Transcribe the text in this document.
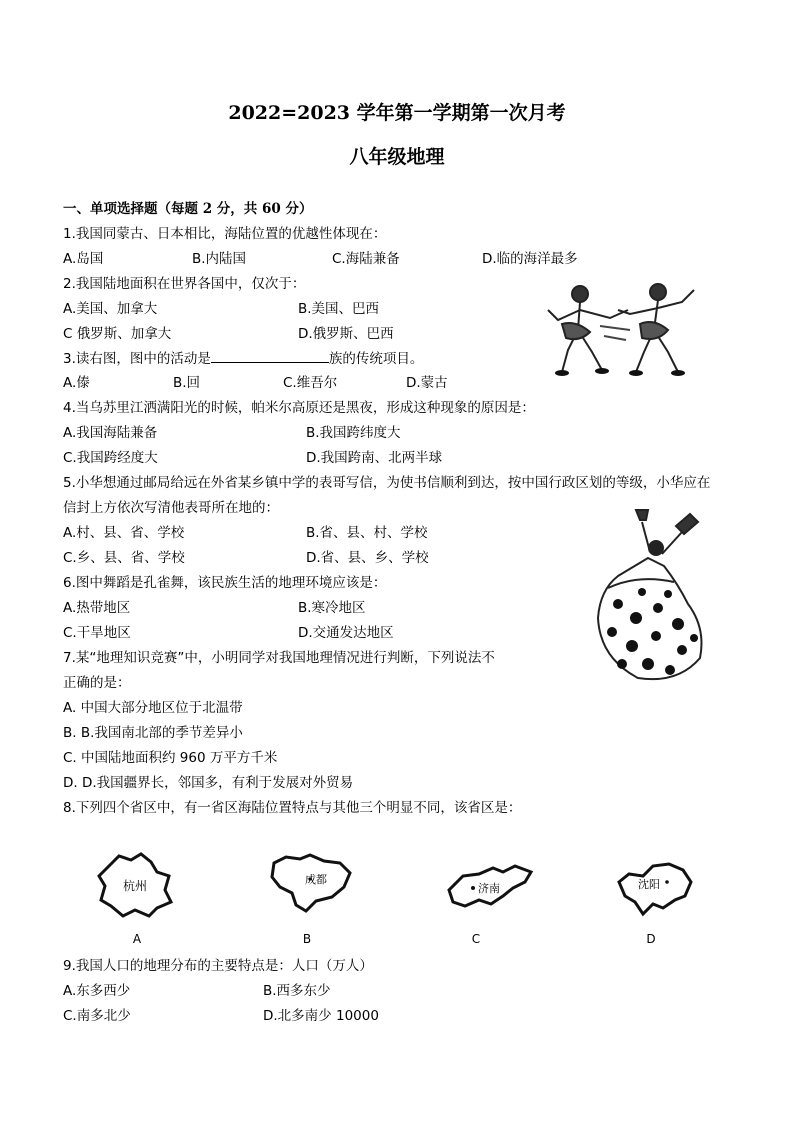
2022=2023 学年第一学期第一次月考
八年级地理
一、单项选择题（每题 2 分，共 60 分）
1.我国同蒙古、日本相比，海陆位置的优越性体现在：
A.岛国	B.内陆国	C.海陆兼备	D.临的海洋最多
2.我国陆地面积在世界各国中，仅次于：
A.美国、加拿大	B.美国、巴西
C 俄罗斯、加拿大	D.俄罗斯、巴西
3.读右图，图中的活动是	族的传统项目。
A.傣	B.回	C.维吾尔	D.蒙古
4.当乌苏里江洒满阳光的时候，帕米尔高原还是黑夜，形成这种现象的原因是：
A.我国海陆兼备	B.我国跨纬度大
C.我国跨经度大	D.我国跨南、北两半球
5.小华想通过邮局给远在外省某乡镇中学的表哥写信，为使书信顺利到达，按中国行政区划的等级，小华应在
信封上方依次写清他表哥所在地的：
A.村、县、省、学校	B.省、县、村、学校
C.乡、县、省、学校	D.省、县、乡、学校
6.图中舞蹈是孔雀舞，该民族生活的地理环境应该是：
A.热带地区	B.寒冷地区
C.干旱地区	D.交通发达地区
7.某“地理知识竞赛”中，小明同学对我国地理情况进行判断，下列说法不
正确的是：
A. 中国大部分地区位于北温带
B. B.我国南北部的季节差异小
C. 中国陆地面积约 960 万平方千米
D. D.我国疆界长，邻国多，有利于发展对外贸易
8.下列四个省区中，有一省区海陆位置特点与其他三个明显不同，该省区是：
杭州	成都
济南	沈阳
A	B	C	D
9.我国人口的地理分布的主要特点是：人口（万人）
A.东多西少	B.西多东少
C.南多北少	D.北多南少 10000
